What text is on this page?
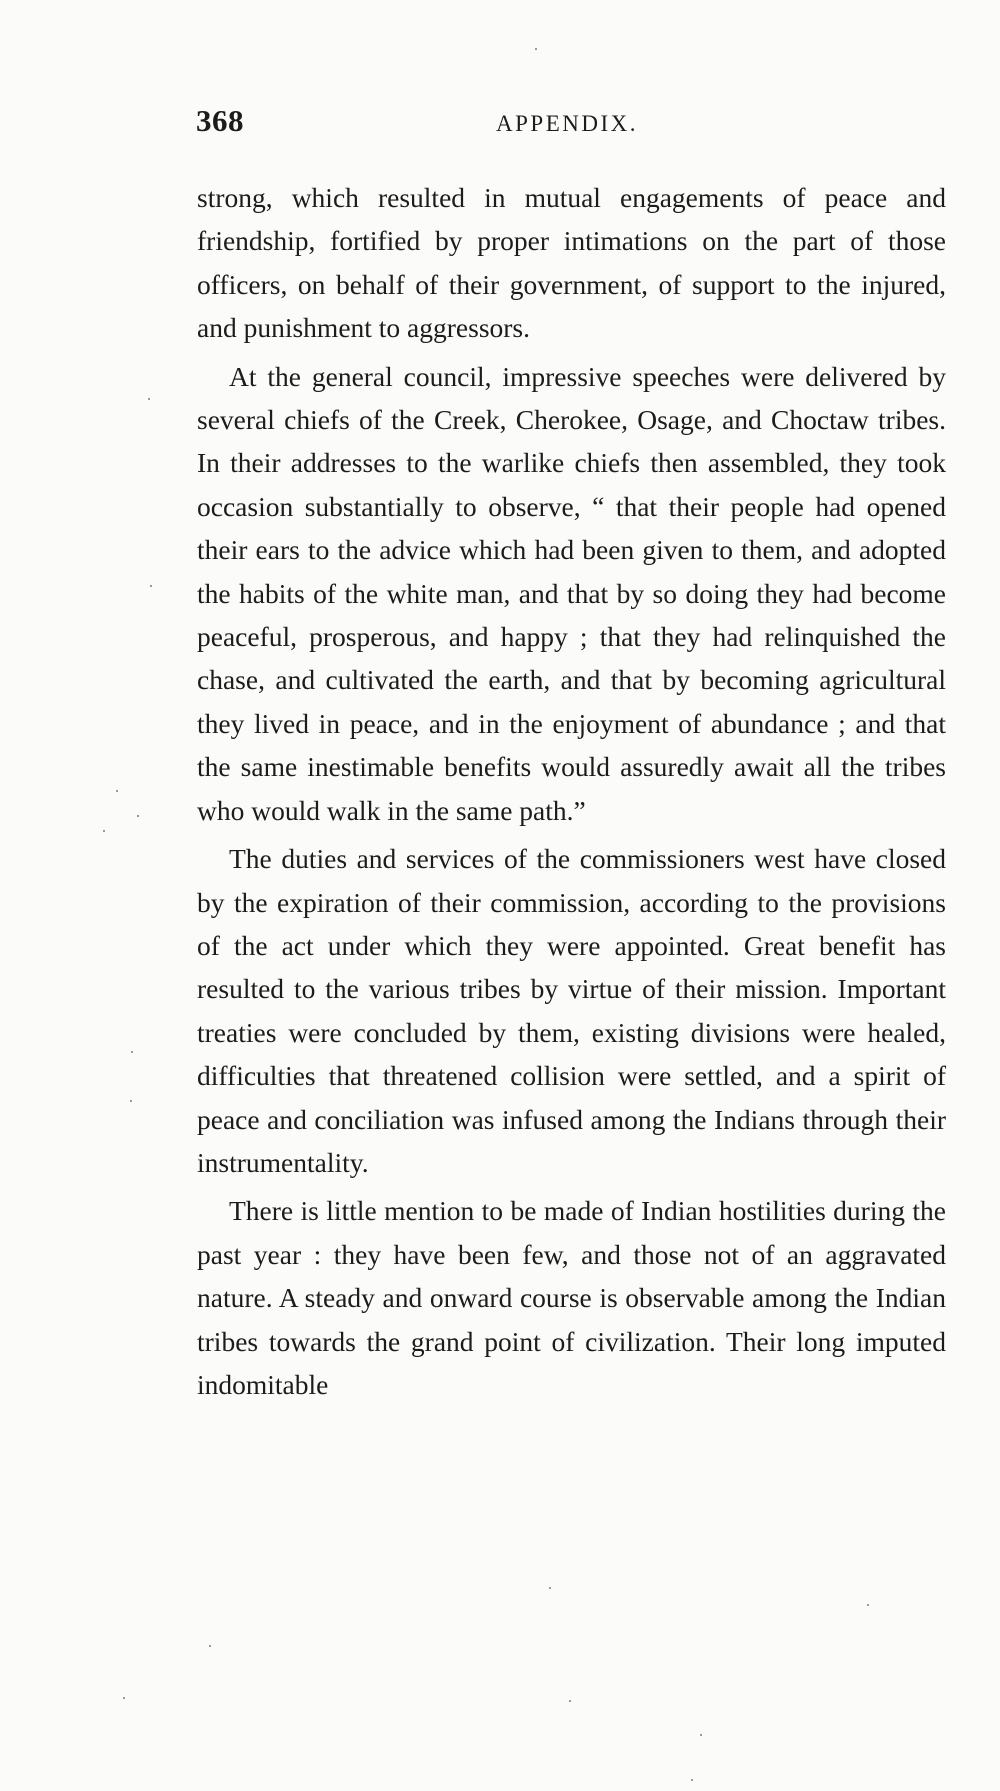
368	APPENDIX.

strong, which resulted in mutual engagements of peace and friendship, fortified by proper intimations on the part of those officers, on behalf of their government, of support to the injured, and punishment to aggressors.

At the general council, impressive speeches were delivered by several chiefs of the Creek, Cherokee, Osage, and Choctaw tribes. In their addresses to the warlike chiefs then assembled, they took occasion substantially to observe, “ that their people had opened their ears to the advice which had been given to them, and adopted the habits of the white man, and that by so doing they had become peaceful, prosperous, and happy ; that they had relinquished the chase, and cultivated the earth, and that by becoming agricultural they lived in peace, and in the enjoyment of abundance ; and that the same inestimable benefits would assuredly await all the tribes who would walk in the same path.”

The duties and services of the commissioners west have closed by the expiration of their commission, according to the provisions of the act under which they were appointed. Great benefit has resulted to the various tribes by virtue of their mission. Important treaties were concluded by them, existing divisions were healed, difficulties that threatened collision were settled, and a spirit of peace and conciliation was infused among the Indians through their instrumentality.

There is little mention to be made of Indian hostilities during the past year : they have been few, and those not of an aggravated nature. A steady and onward course is observable among the Indian tribes towards the grand point of civilization. Their long imputed indomitable
